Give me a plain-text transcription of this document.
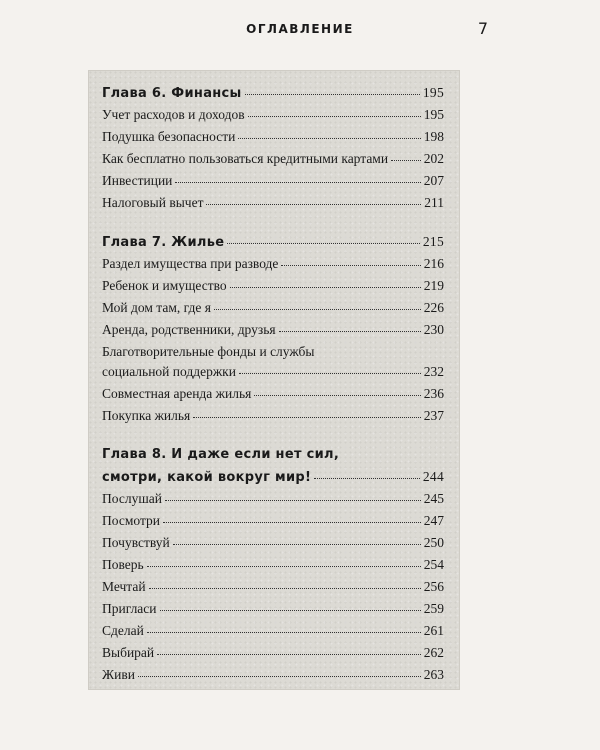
ОГЛАВЛЕНИЕ	7
Глава 6. Финансы	195
Учет расходов и доходов	195
Подушка безопасности	198
Как бесплатно пользоваться кредитными картами	202
Инвестиции	207
Налоговый вычет	211
Глава 7. Жилье	215
Раздел имущества при разводе	216
Ребенок и имущество	219
Мой дом там, где я	226
Аренда, родственники, друзья	230
Благотворительные фонды и службы
социальной поддержки	232
Совместная аренда жилья	236
Покупка жилья	237
Глава 8. И даже если нет сил,
смотри, какой вокруг мир!	244
Послушай	245
Посмотри	247
Почувствуй	250
Поверь	254
Мечтай	256
Пригласи	259
Сделай	261
Выбирай	262
Живи	263
